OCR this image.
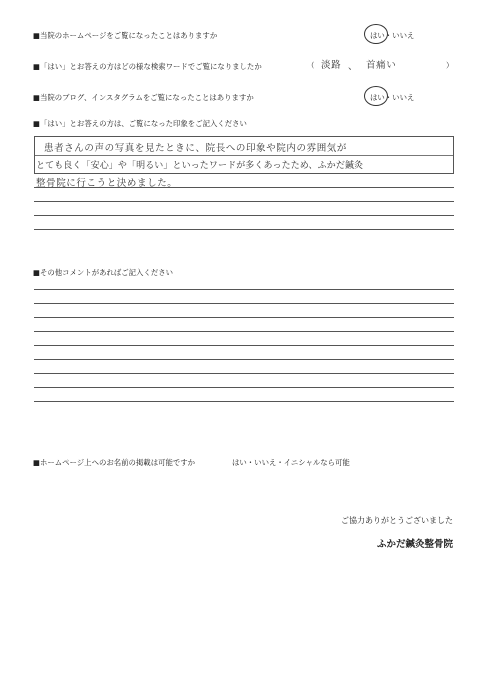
■当院のホームページをご覧になったことはありますか	はい・いいえ
■「はい」とお答えの方はどの様な検索ワードでご覧になりましたか	（ 淡路 、 首痛い	）
■当院のブログ、インスタグラムをご覧になったことはありますか	はい・いいえ
■「はい」とお答えの方は、ご覧になった印象をご記入ください
患者さんの声の写真を見たときに、院長への印象や院内の雰囲気が
とても良く「安心」や「明るい」といったワードが多くあったため、ふかだ鍼灸
整骨院に行こうと決めました。
■その他コメントがあればご記入ください
■ホームページ上へのお名前の掲載は可能ですか	はい・いいえ・イニシャルなら可能
ご協力ありがとうございました
ふかだ鍼灸整骨院
